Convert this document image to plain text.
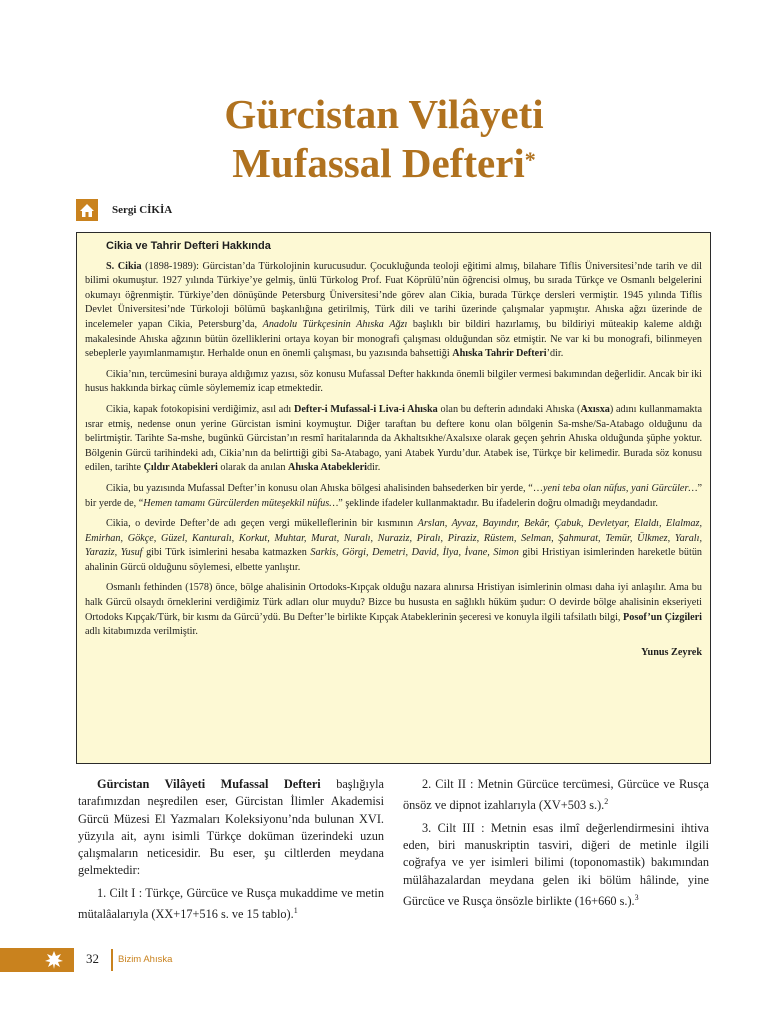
Gürcistan Vilâyeti
Mufassal Defteri*
Sergi CİKİA
Cikia ve Tahrir Defteri Hakkında

S. Cikia (1898-1989): Gürcistan’da Türkolojinin kurucusudur. Çocukluğunda teoloji eğitimi almış, bilahare Tiflis Üniversitesi’nde tarih ve dil bilimi okumuştur. 1927 yılında Türkiye’ye gelmiş, ünlü Türkolog Prof. Fuat Köprülü’nün öğrencisi olmuş, bu sırada Türkçe ve Osmanlı belgelerini okumayı öğrenmiştir. Türkiye’den dönüşünde Petersburg Üniversitesi’nde görev alan Cikia, burada Türkçe dersleri vermiştir. 1945 yılında Tiflis Devlet Üniversitesi’nde Türkoloji bölümü başkanlığına getirilmiş, Türk dili ve tarihi üzerinde çalışmalar yapmıştır. Ahıska ağzı üzerinde de incelemeler yapan Cikia, Petersburg’da, Anadolu Türkçesinin Ahıska Ağzı başlıklı bir bildiri hazırlamış, bu bildiriyi müteakip kaleme aldığı makalesinde Ahıska ağzının bütün özelliklerini ortaya koyan bir monografi çalışması olduğundan söz etmiştir. Ne var ki bu monografi, bilinmeyen sebeplerle yayımlanmamıştır. Herhalde onun en önemli çalışması, bu yazısında bahsettiği Ahıska Tahrir Defteri’dir.

Cikia’nın, tercümesini buraya aldığımız yazısı, söz konusu Mufassal Defter hakkında önemli bilgiler vermesi bakımından değerlidir. Ancak bir iki husus hakkında birkaç cümle söylememiz icap etmektedir.

Cikia, kapak fotokopisini verdiğimiz, asıl adı Defter-i Mufassal-i Liva-i Ahıska olan bu defterin adındaki Ahıska (Axısxa) adını kullanmamakta ısrar etmiş, nedense onun yerine Gürcistan ismini koymuştur. Diğer taraftan bu deftere konu olan bölgenin Sa-mshe/Sa-Atabago olduğunu da belirtmiştir. Tarihte Sa-mshe, bugünkü Gürcistan’ın resmî haritalarında da Akhaltsıkhe/Axalsıxe olarak geçen şehrin Ahıska olduğunda şüphe yoktur. Bölgenin Gürcü tarihindeki adı, Cikia’nın da belirttiği gibi Sa-Atabago, yani Atabek Yurdu’dur. Atabek ise, Türkçe bir kelimedir. Burada söz konusu edilen, tarihte Çıldır Atabekleri olarak da anılan Ahıska Atabekleridir.

Cikia, bu yazısında Mufassal Defter’in konusu olan Ahıska bölgesi ahalisinden bahsederken bir yerde, “…yeni teba olan nüfus, yani Gürcüler…” bir yerde de, “Hemen tamamı Gürcülerden müteşekkil nüfus…” şeklinde ifadeler kullanmaktadır. Bu ifadelerin doğru olmadığı meydandadır.

Cikia, o devirde Defter’de adı geçen vergi mükelleflerinin bir kısmının Arslan, Ayvaz, Bayındır, Bekâr, Çabuk, Devletyar, Elaldı, Elalmaz, Emirhan, Gökçe, Güzel, Kanturalı, Korkut, Muhtar, Murat, Nuralı, Nuraziz, Piralı, Piraziz, Rüstem, Selman, Şahmurat, Temür, Ülkmez, Yaralı, Yaraziz, Yusuf gibi Türk isimlerini hesaba katmazken Sarkis, Görgi, Demetri, David, İlya, İvane, Simon gibi Hristiyan isimlerinden hareketle bütün ahalinin Gürcü olduğunu söylemesi, elbette yanlıştır.

Osmanlı fethinden (1578) önce, bölge ahalisinin Ortodoks-Kıpçak olduğu nazara alınırsa Hristiyan isimlerinin olması daha iyi anlaşılır. Ama bu halk Gürcü olsaydı örneklerini verdiğimiz Türk adları olur muydu? Bizce bu hususta en sağlıklı hüküm şudur: O devirde bölge ahalisinin ekseriyeti Ortodoks Kıpçak/Türk, bir kısmı da Gürcü’ydü. Bu Defter’le birlikte Kıpçak Atabeklerinin şeceresi ve konuyla ilgili tafsilatlı bilgi, Posof’un Çizgileri adlı kitabımızda verilmiştir.

Yunus Zeyrek

Gürcistan Vilâyeti Mufassal Defteri başlığıyla tarafımızdan neşredilen eser, Gürcistan İlimler Akademisi Gürcü Müzesi El Yazmaları Koleksiyonu’nda bulunan XVI. yüzyıla ait, aynı isimli Türkçe doküman üzerindeki uzun çalışmaların neticesidir. Bu eser, şu ciltlerden meydana gelmektedir:

1. Cilt I : Türkçe, Gürcüce ve Rusça mukaddime ve metin mütalâalarıyla (XX+17+516 s. ve 15 tablo).$^1$

2. Cilt II : Metnin Gürcüce tercümesi, Gürcüce ve Rusça önsöz ve dipnot izahlarıyla (XV+503 s.).$^2$

3. Cilt III : Metnin esas ilmî değerlendirmesini ihtiva eden, biri manuskriptin tasviri, diğeri de metinle ilgili coğrafya ve yer isimleri bilimi (toponomastik) bakımından mülâhazalardan meydana gelen iki bölüm hâlinde, yine Gürcüce ve Rusça önsözle birlikte (16+660 s.).$^3$

32 Bizim Ahıska
